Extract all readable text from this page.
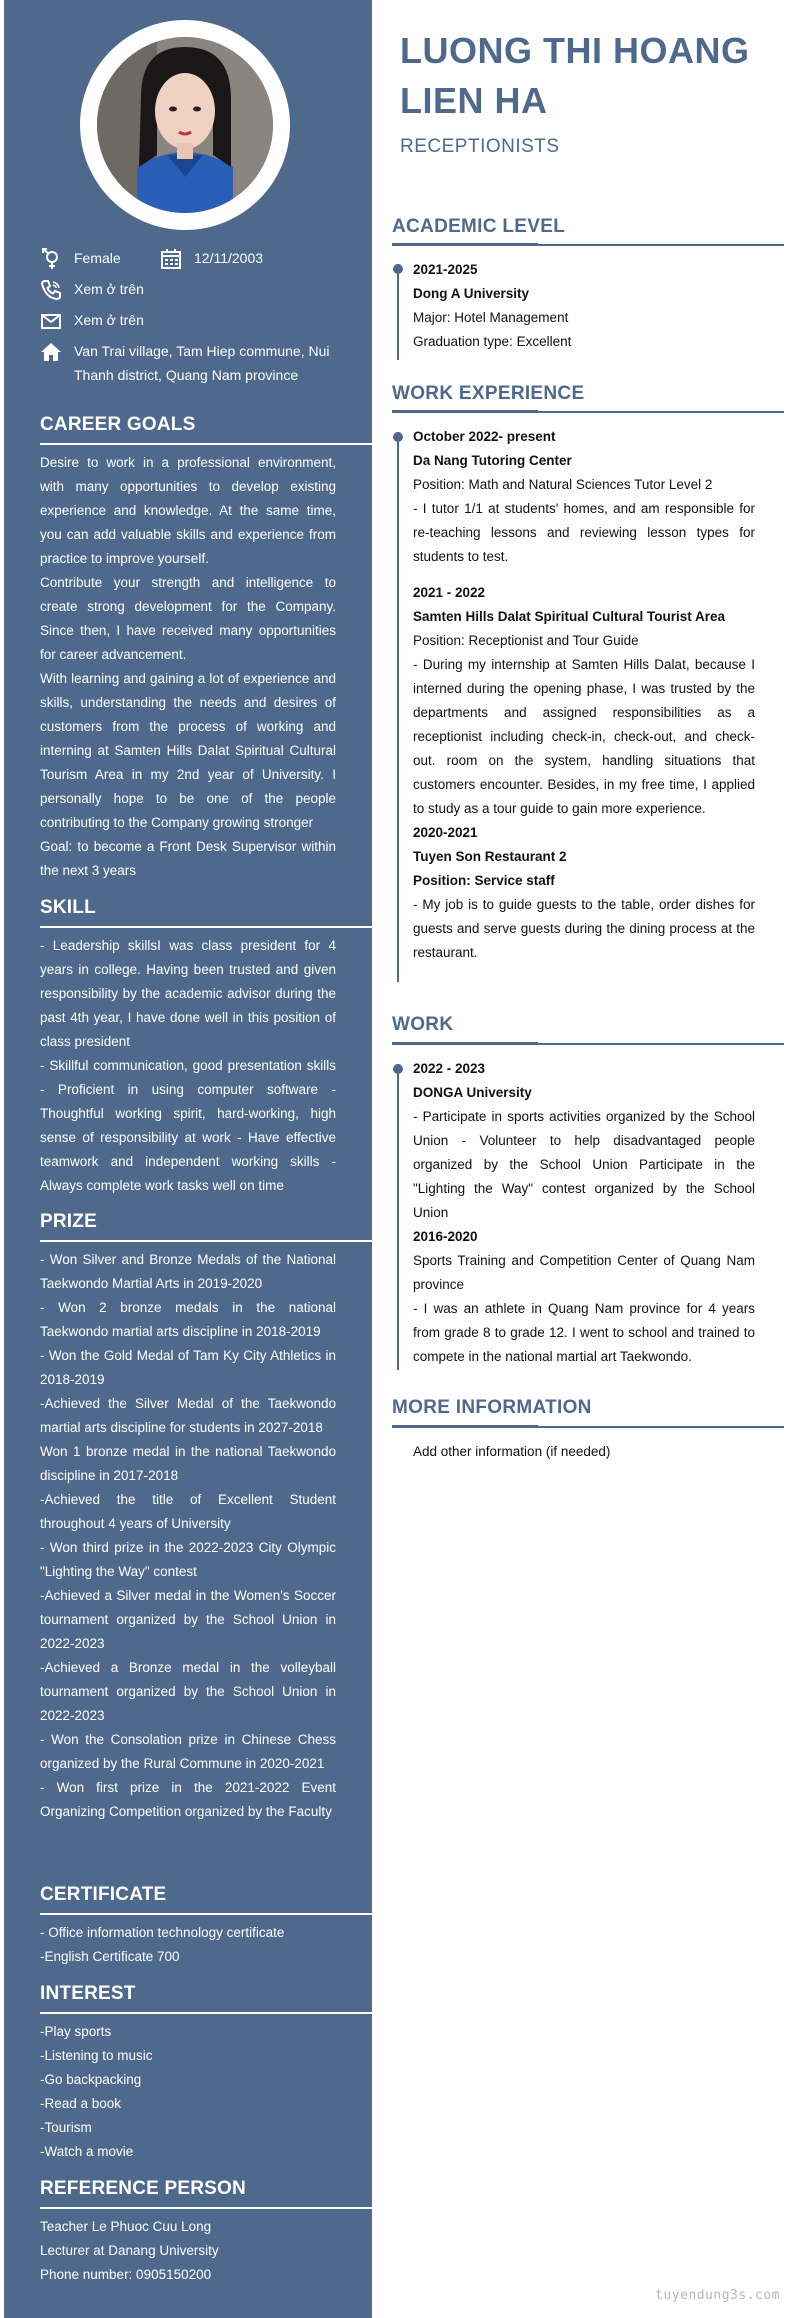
Female	12/11/2003
Xem ở trên
Xem ở trên
Van Trai village, Tam Hiep commune, Nui Thanh district, Quang Nam province
CAREER GOALS

Desire to work in a professional environment, with many opportunities to develop existing experience and knowledge. At the same time, you can add valuable skills and experience from practice to improve yourself.

Contribute your strength and intelligence to create strong development for the Company. Since then, I have received many opportunities for career advancement.

With learning and gaining a lot of experience and skills, understanding the needs and desires of customers from the process of working and interning at Samten Hills Dalat Spiritual Cultural Tourism Area in my 2nd year of University. I personally hope to be one of the people contributing to the Company growing stronger

Goal: to become a Front Desk Supervisor within the next 3 years

SKILL

- Leadership skillsI was class president for 4 years in college. Having been trusted and given responsibility by the academic advisor during the past 4th year, I have done well in this position of class president

- Skillful communication, good presentation skills - Proficient in using computer software - Thoughtful working spirit, hard-working, high sense of responsibility at work - Have effective teamwork and independent working skills - Always complete work tasks well on time

PRIZE

- Won Silver and Bronze Medals of the National Taekwondo Martial Arts in 2019-2020

- Won 2 bronze medals in the national Taekwondo martial arts discipline in 2018-2019

- Won the Gold Medal of Tam Ky City Athletics in 2018-2019

-Achieved the Silver Medal of the Taekwondo martial arts discipline for students in 2027-2018

Won 1 bronze medal in the national Taekwondo discipline in 2017-2018

-Achieved the title of Excellent Student throughout 4 years of University

- Won third prize in the 2022-2023 City Olympic "Lighting the Way" contest

-Achieved a Silver medal in the Women's Soccer tournament organized by the School Union in 2022-2023

-Achieved a Bronze medal in the volleyball tournament organized by the School Union in 2022-2023

- Won the Consolation prize in Chinese Chess organized by the Rural Commune in 2020-2021

- Won first prize in the 2021-2022 Event Organizing Competition organized by the Faculty

CERTIFICATE

- Office information technology certificate

-English Certificate 700

INTEREST

-Play sports

-Listening to music

-Go backpacking

-Read a book

-Tourism

-Watch a movie

REFERENCE PERSON

Teacher Le Phuoc Cuu Long

Lecturer at Danang University

Phone number: 0905150200

LUONG THI HOANG LIEN HA
RECEPTIONISTS
ACADEMIC LEVEL

2021-2025

Dong A University

Major: Hotel Management

Graduation type: Excellent

WORK EXPERIENCE

October 2022- present

Da Nang Tutoring Center

Position: Math and Natural Sciences Tutor Level 2

- I tutor 1/1 at students' homes, and am responsible for re-teaching lessons and reviewing lesson types for students to test.

2021 - 2022

Samten Hills Dalat Spiritual Cultural Tourist Area

Position: Receptionist and Tour Guide

- During my internship at Samten Hills Dalat, because I interned during the opening phase, I was trusted by the departments and assigned responsibilities as a receptionist including check-in, check-out, and check-out. room on the system, handling situations that customers encounter. Besides, in my free time, I applied to study as a tour guide to gain more experience.

2020-2021

Tuyen Son Restaurant 2

Position: Service staff

- My job is to guide guests to the table, order dishes for guests and serve guests during the dining process at the restaurant.

WORK

2022 - 2023

DONGA University

- Participate in sports activities organized by the School Union - Volunteer to help disadvantaged people organized by the School Union Participate in the "Lighting the Way" contest organized by the School Union

2016-2020

Sports Training and Competition Center of Quang Nam province

- I was an athlete in Quang Nam province for 4 years from grade 8 to grade 12. I went to school and trained to compete in the national martial art Taekwondo.

MORE INFORMATION

Add other information (if needed)

tuyendung3s.com
